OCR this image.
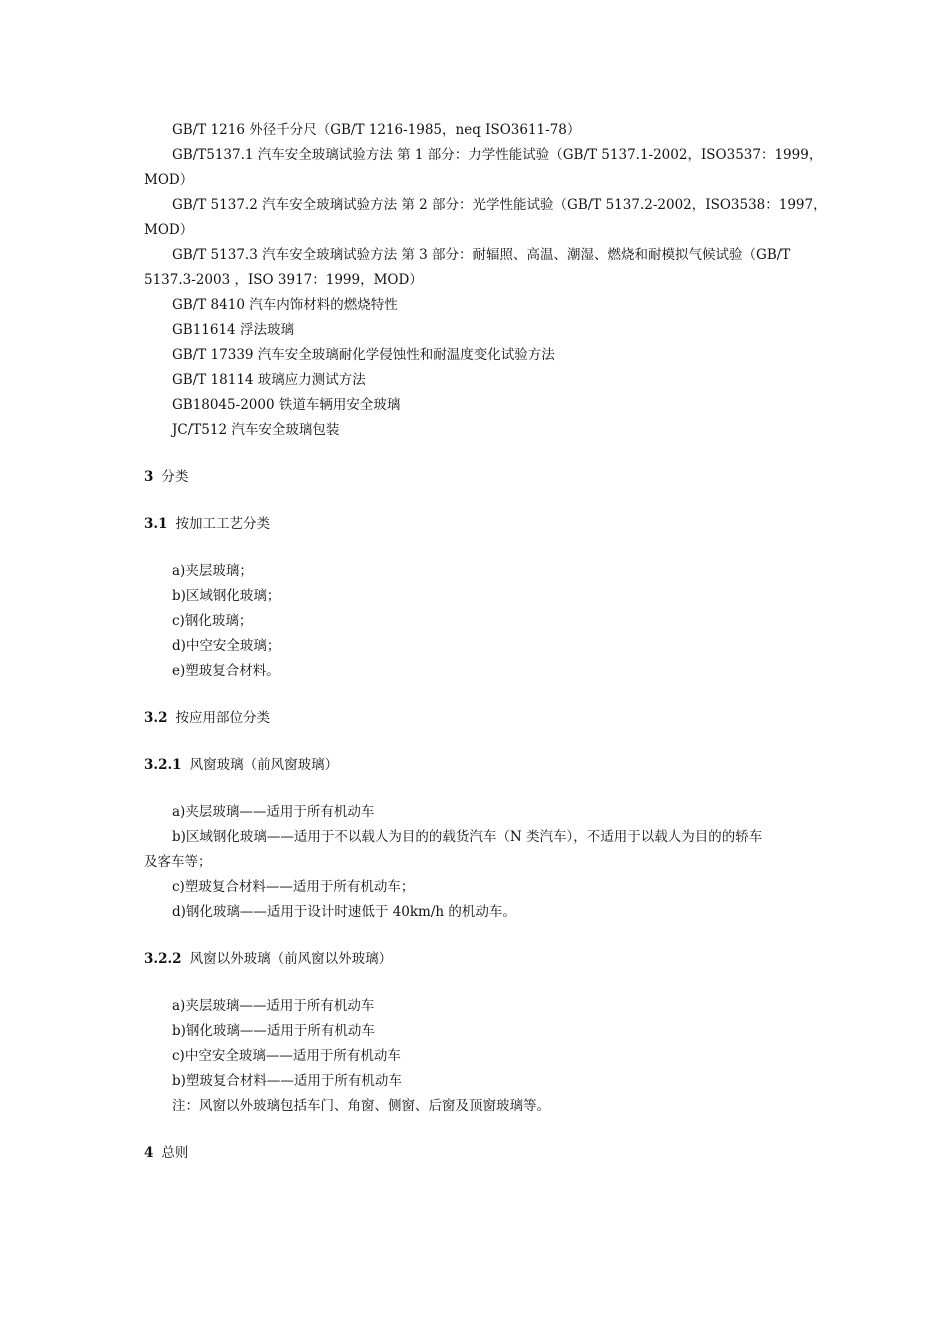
GB/T 1216 外径千分尺（GB/T 1216-1985，neq ISO3611-78）
GB/T5137.1 汽车安全玻璃试验方法 第 1 部分：力学性能试验（GB/T 5137.1-2002，ISO3537：1999，
MOD）
GB/T 5137.2 汽车安全玻璃试验方法 第 2 部分：光学性能试验（GB/T 5137.2-2002，ISO3538：1997，
MOD）
GB/T 5137.3 汽车安全玻璃试验方法 第 3 部分：耐辐照、高温、潮湿、燃烧和耐模拟气候试验（GB/T
5137.3-2003 ，ISO 3917：1999，MOD）
GB/T 8410 汽车内饰材料的燃烧特性
GB11614 浮法玻璃
GB/T 17339 汽车安全玻璃耐化学侵蚀性和耐温度变化试验方法
GB/T 18114 玻璃应力测试方法
GB18045-2000 铁道车辆用安全玻璃
JC/T512 汽车安全玻璃包装
3 分类
3.1 按加工工艺分类
a)夹层玻璃；
b)区域钢化玻璃；
c)钢化玻璃；
d)中空安全玻璃；
e)塑玻复合材料。
3.2 按应用部位分类
3.2.1 风窗玻璃（前风窗玻璃）
a)夹层玻璃——适用于所有机动车
b)区域钢化玻璃——适用于不以载人为目的的载货汽车（N 类汽车），不适用于以载人为目的的轿车
及客车等；
c)塑玻复合材料——适用于所有机动车；
d)钢化玻璃——适用于设计时速低于 40km/h 的机动车。
3.2.2 风窗以外玻璃（前风窗以外玻璃）
a)夹层玻璃——适用于所有机动车
b)钢化玻璃——适用于所有机动车
c)中空安全玻璃——适用于所有机动车
b)塑玻复合材料——适用于所有机动车
注：风窗以外玻璃包括车门、角窗、侧窗、后窗及顶窗玻璃等。
4 总则
